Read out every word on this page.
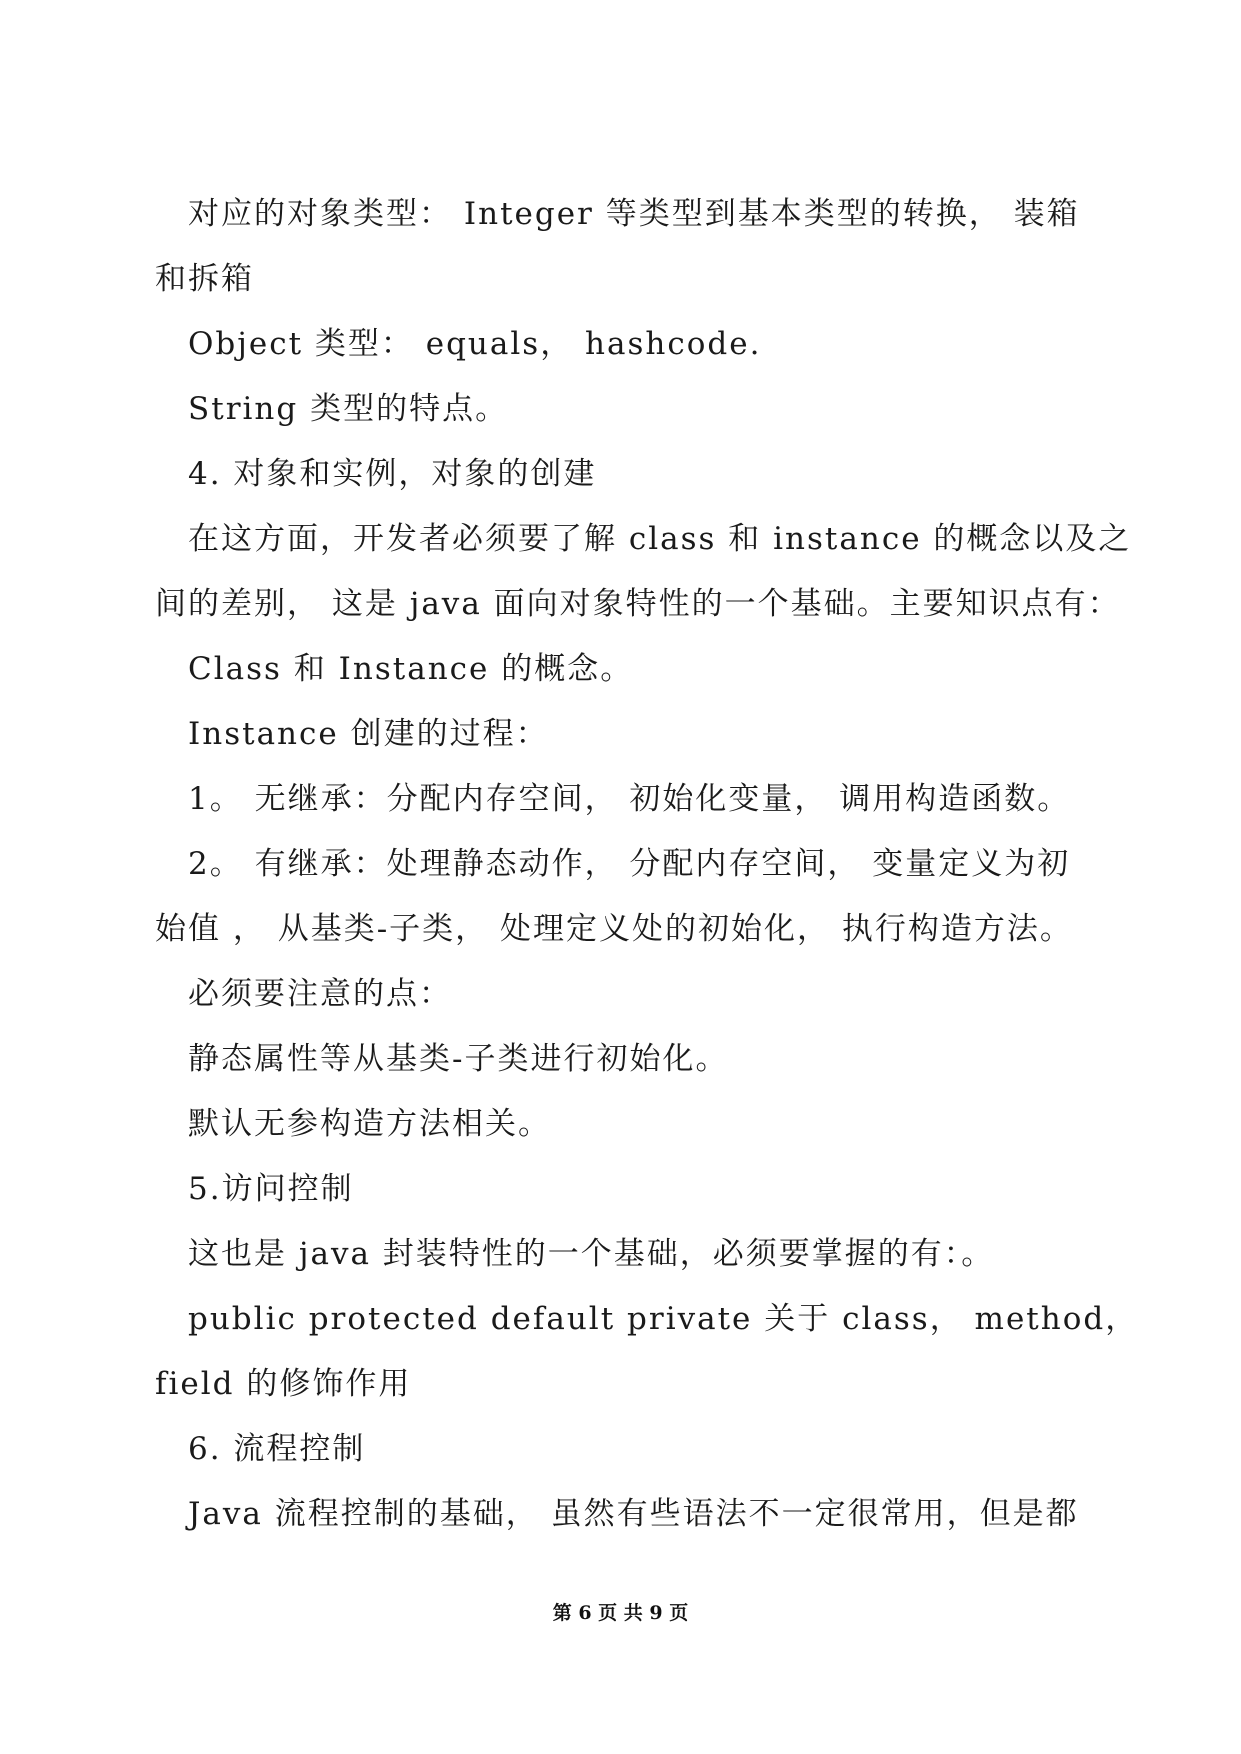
对应的对象类型： Integer 等类型到基本类型的转换， 装箱
和拆箱
Object 类型： equals， hashcode.
String 类型的特点。
4. 对象和实例，对象的创建
在这方面，开发者必须要了解 class 和 instance 的概念以及之
间的差别， 这是 java 面向对象特性的一个基础。主要知识点有：
Class 和 Instance 的概念。
Instance 创建的过程：
1。 无继承：分配内存空间， 初始化变量， 调用构造函数。
2。 有继承：处理静态动作， 分配内存空间， 变量定义为初
始值 ， 从基类-子类， 处理定义处的初始化， 执行构造方法。
必须要注意的点：
静态属性等从基类-子类进行初始化。
默认无参构造方法相关。
5.访问控制
这也是 java 封装特性的一个基础，必须要掌握的有：。
public protected default private 关于 class， method，
field 的修饰作用
6. 流程控制
Java 流程控制的基础， 虽然有些语法不一定很常用，但是都
第 6 页 共 9 页
